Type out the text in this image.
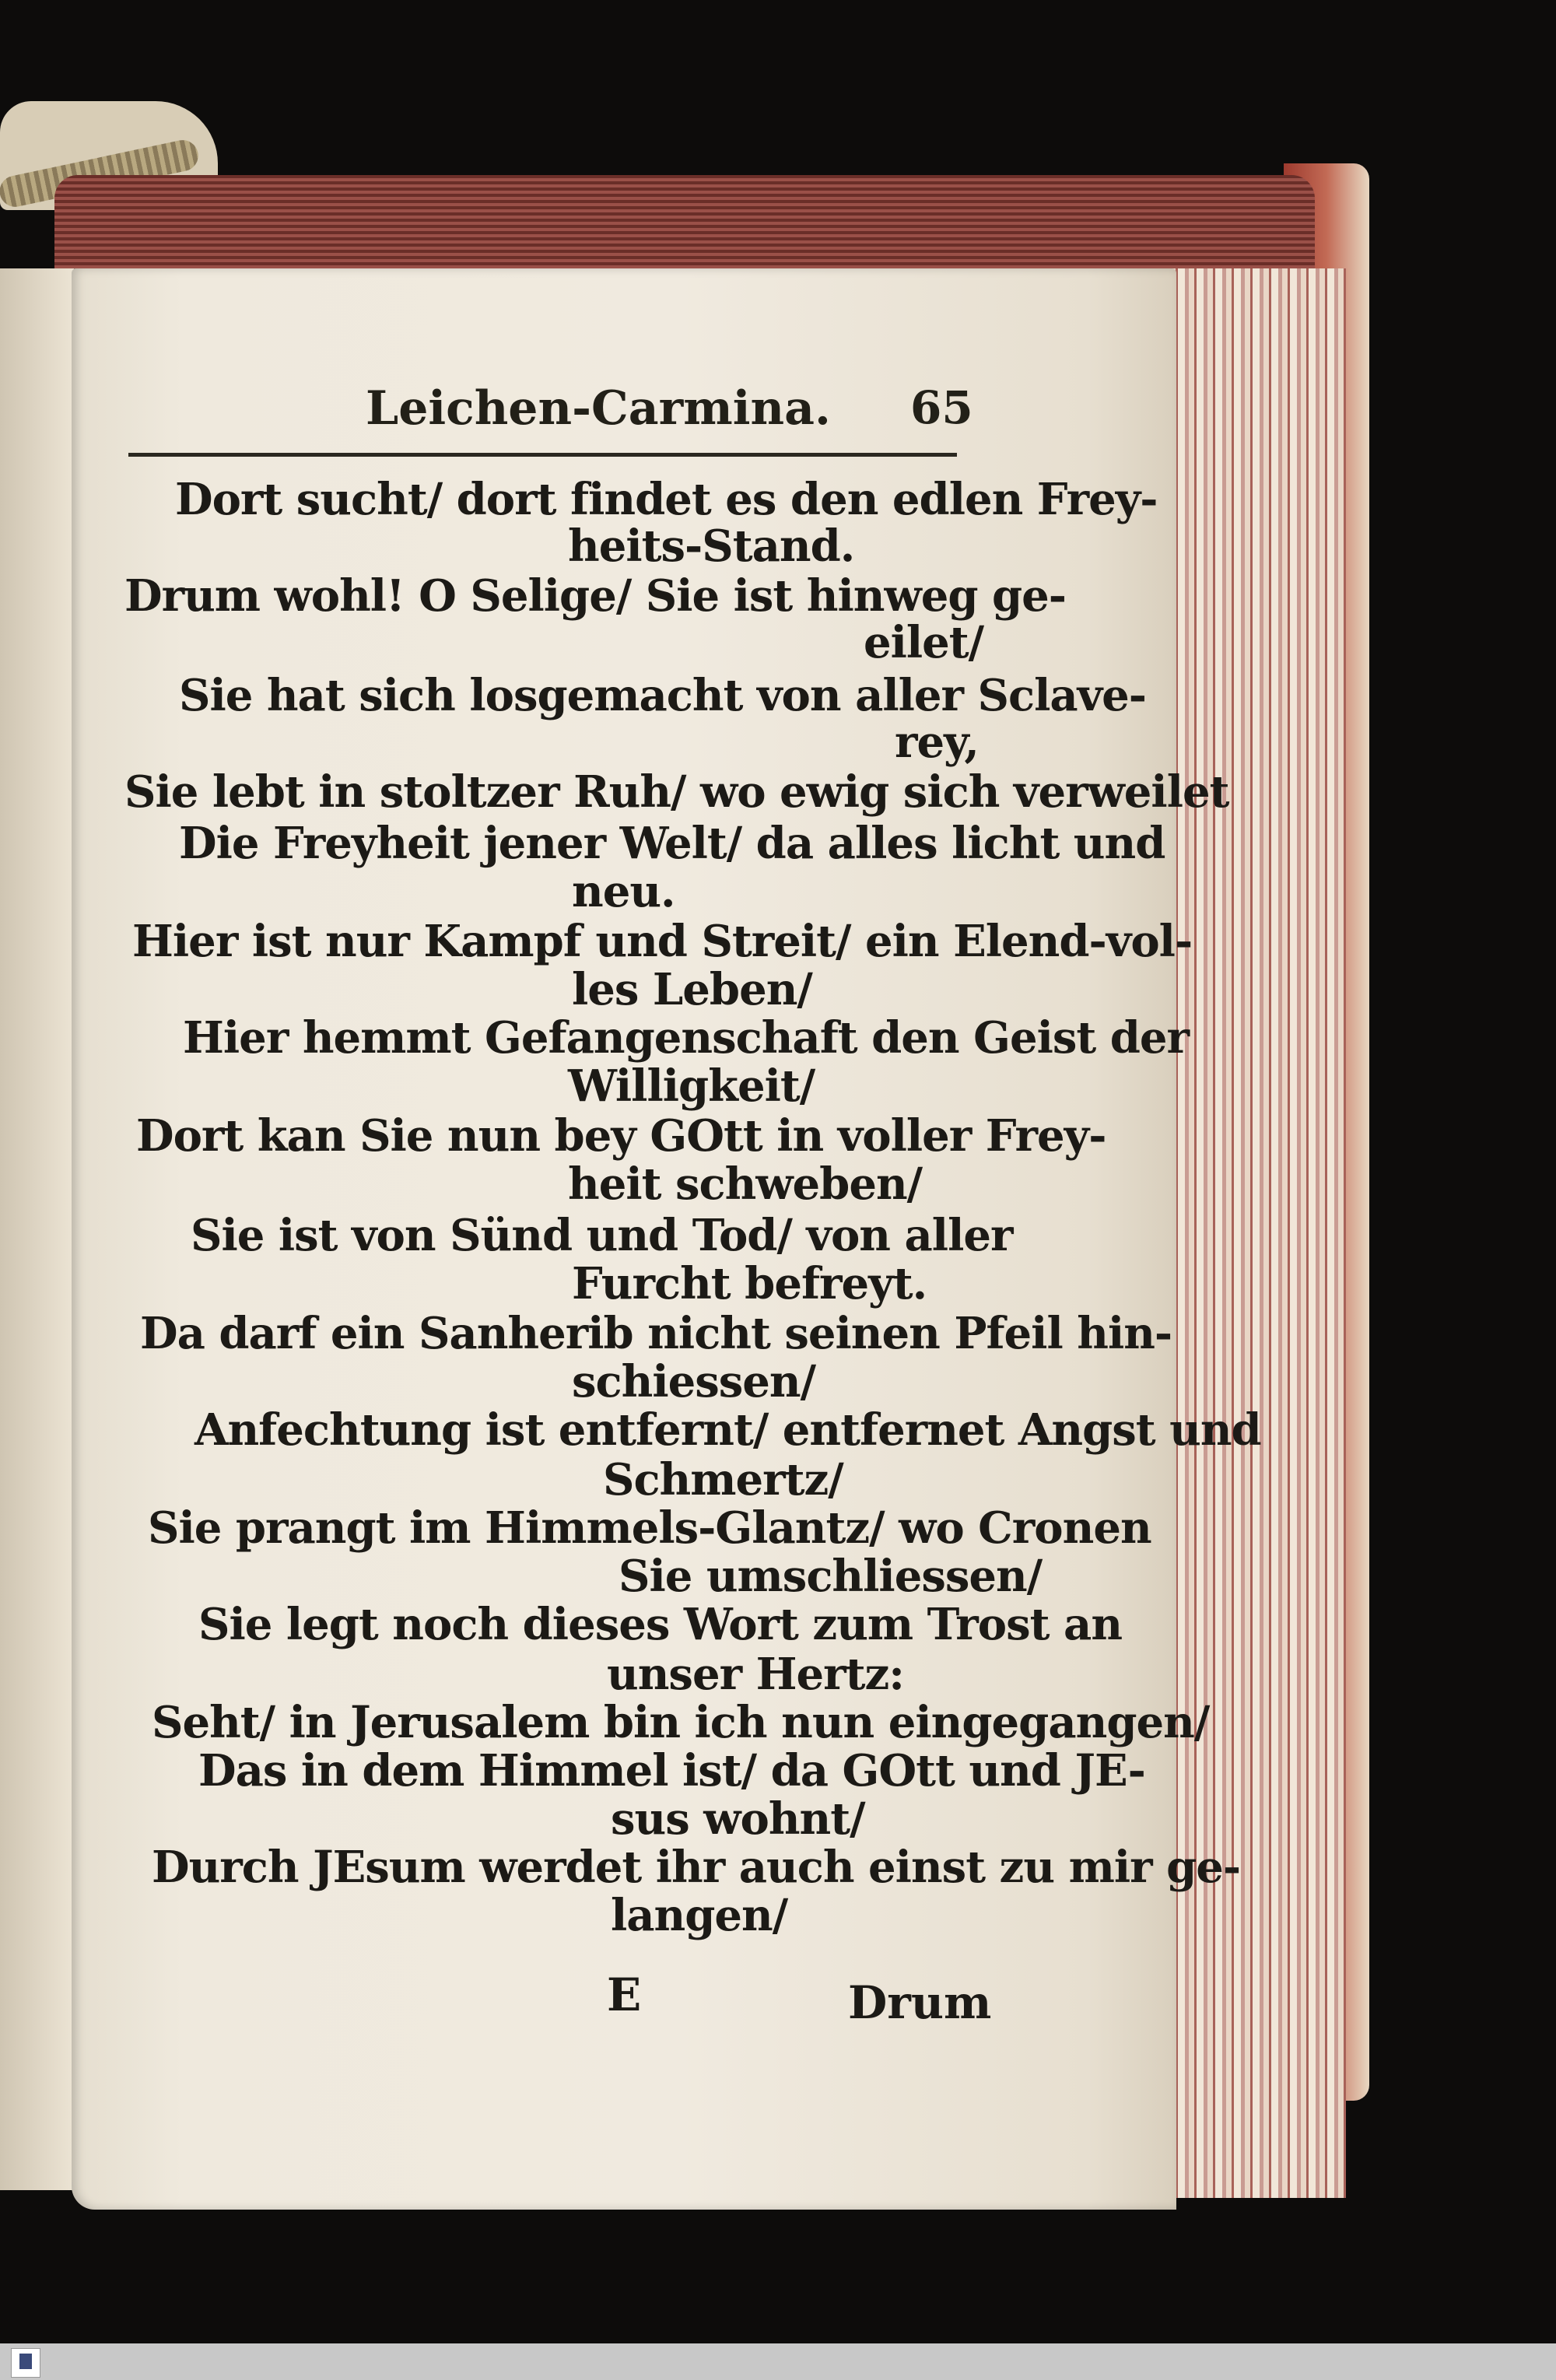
Leichen-Carmina. 65
Dort sucht/ dort findet es den edlen Frey-
heits-Stand.
Drum wohl! O Selige/ Sie ist hinweg ge-
eilet/
Sie hat sich losgemacht von aller Sclave-
rey,
Sie lebt in stoltzer Ruh/ wo ewig sich verweilet
Die Freyheit jener Welt/ da alles licht und
neu.
Hier ist nur Kampf und Streit/ ein Elend-vol-
les Leben/
Hier hemmt Gefangenschaft den Geist der
Willigkeit/
Dort kan Sie nun bey GOtt in voller Frey-
heit schweben/
Sie ist von Sünd und Tod/ von aller
Furcht befreyt.
Da darf ein Sanherib nicht seinen Pfeil hin-
schiessen/
Anfechtung ist entfernt/ entfernet Angst und
Schmertz/
Sie prangt im Himmels-Glantz/ wo Cronen
Sie umschliessen/
Sie legt noch dieses Wort zum Trost an
unser Hertz:
Seht/ in Jerusalem bin ich nun eingegangen/
Das in dem Himmel ist/ da GOtt und JE-
sus wohnt/
Durch JEsum werdet ihr auch einst zu mir ge-
langen/
E	Drum
